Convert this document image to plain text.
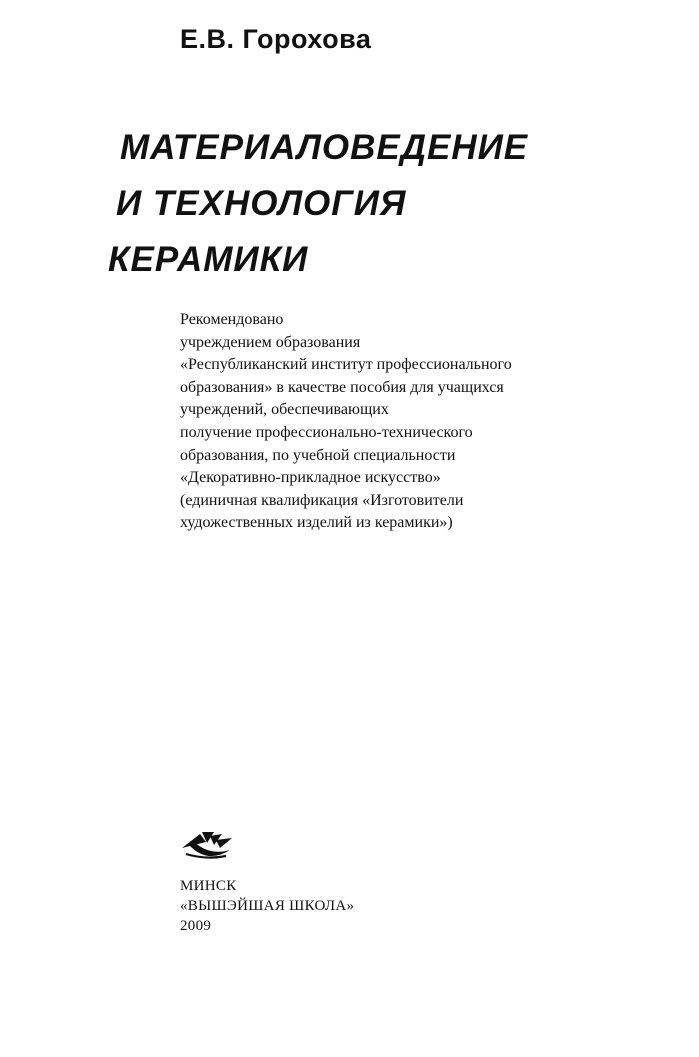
Е.В. Горохова

МАТЕРИАЛОВЕДЕНИЕ
И ТЕХНОЛОГИЯ
КЕРАМИКИ
Рекомендовано
учреждением образования
«Республиканский институт профессионального
образования» в качестве пособия для учащихся
учреждений, обеспечивающих
получение профессионально-технического
образования, по учебной специальности
«Декоративно-прикладное искусство»
(единичная квалификация «Изготовители
художественных изделий из керамики»)
МИНСК
«ВЫШЭЙШАЯ ШКОЛА»
2009
